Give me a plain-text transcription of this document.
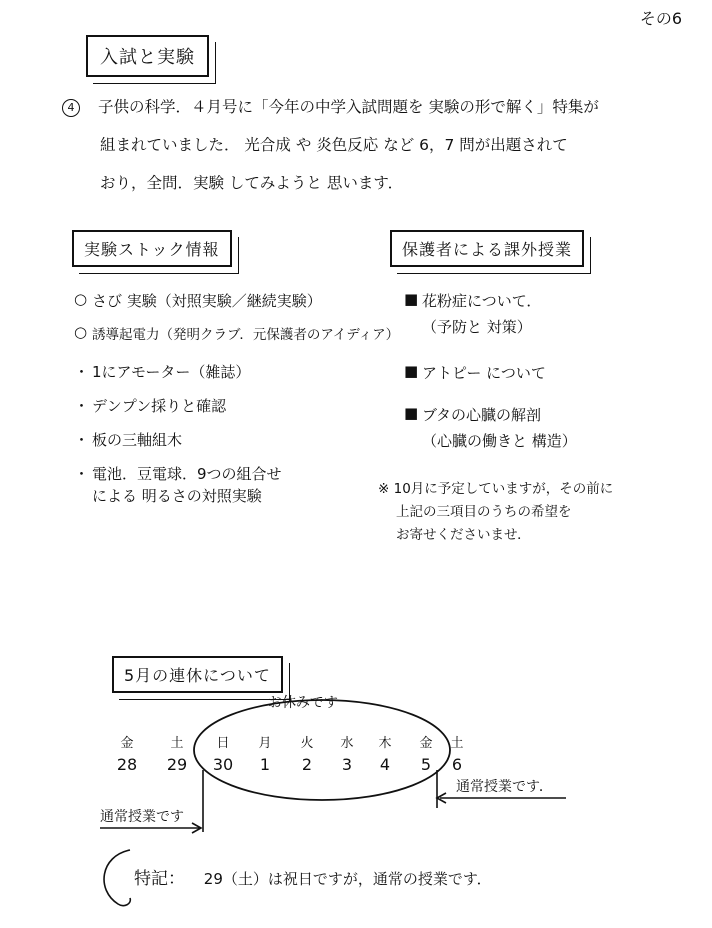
その6
入試と実験
4 子供の科学．４月号に「今年の中学入試問題を 実験の形で解く」特集が
組まれていました． 光合成 や 炎色反応 など 6，7 問が出題されて
おり，全問．実験 してみようと 思います．
実験ストック情報
○ さび 実験（対照実験／継続実験）
○ 誘導起電力（発明クラブ．元保護者のアイディア）
・ 1にアモーター（雑誌）
・ デンプン採りと確認
・ 板の三軸組木
・ 電池．豆電球．9つの組合せ
による 明るさの対照実験
保護者による課外授業
■ 花粉症について．
（予防と 対策）
■ アトピー について
■ ブタの心臓の解剖
（心臓の働きと 構造）
※ 10月に予定していますが，その前に
上記の三項目のうちの希望を
お寄せくださいませ．
5月の連休について
お休みです
金
28
土
29
日
30
月
1
火
2
水
3
木
4
金
5
土
6
通常授業です
通常授業です．
特記： 29（土）は祝日ですが，通常の授業です．
